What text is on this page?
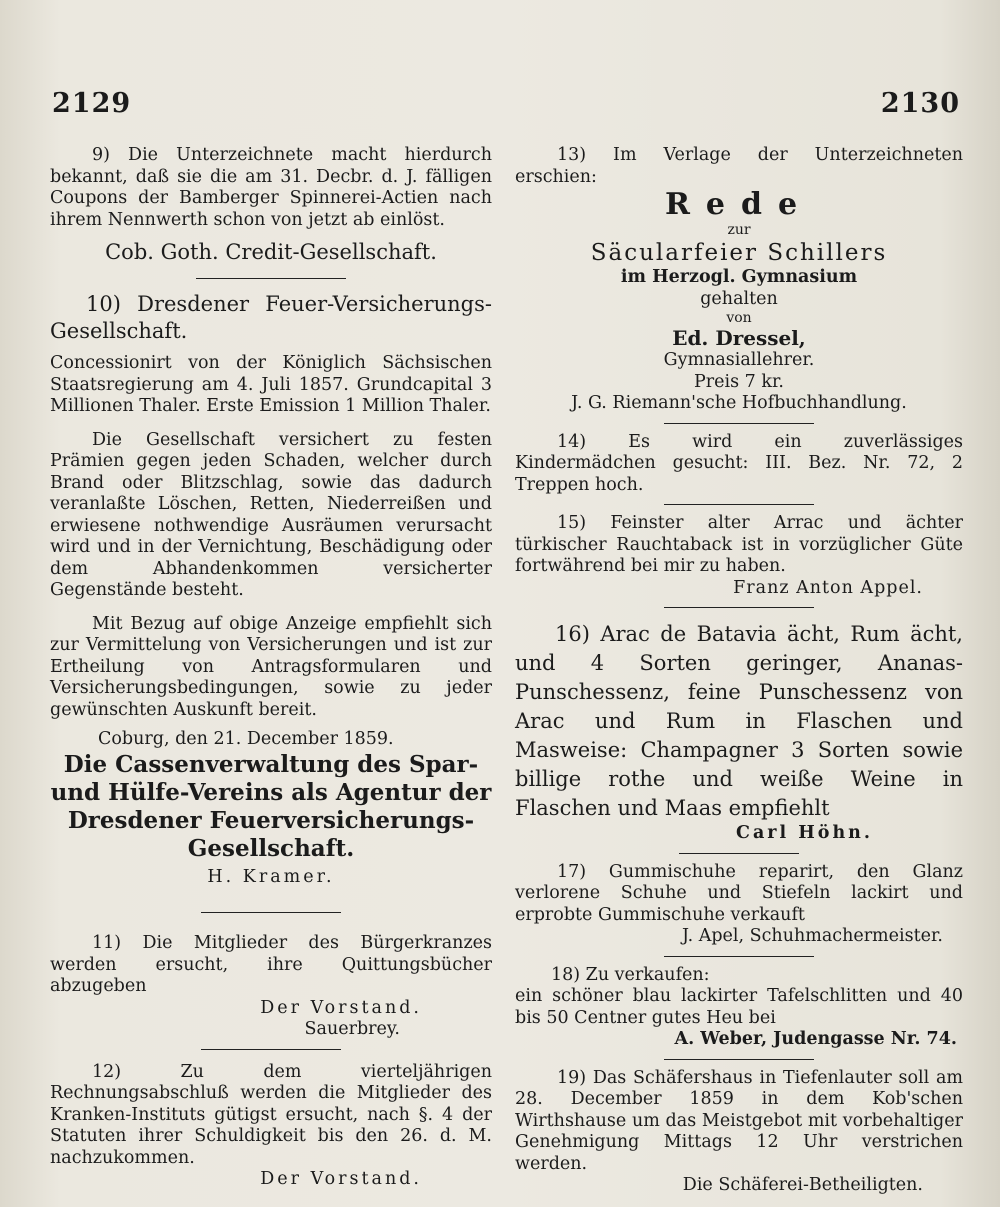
2129	2130

9) Die Unterzeichnete macht hierdurch bekannt, daß sie die am 31. Decbr. d. J. fälligen Coupons der Bamberger Spinnerei-Actien nach ihrem Nennwerth schon von jetzt ab einlöst.

Cob. Goth. Credit-Gesellschaft.

10) Dresdener Feuer-Versicherungs-Gesellschaft.

Concessionirt von der Königlich Sächsischen Staatsregierung am 4. Juli 1857. Grundcapital 3 Millionen Thaler. Erste Emission 1 Million Thaler.

Die Gesellschaft versichert zu festen Prämien gegen jeden Schaden, welcher durch Brand oder Blitzschlag, sowie das dadurch veranlaßte Löschen, Retten, Niederreißen und erwiesene nothwendige Ausräumen verursacht wird und in der Vernichtung, Beschädigung oder dem Abhandenkommen versicherter Gegenstände besteht.

Mit Bezug auf obige Anzeige empfiehlt sich zur Vermittelung von Versicherungen und ist zur Ertheilung von Antragsformularen und Versicherungsbedingungen, sowie zu jeder gewünschten Auskunft bereit.

Coburg, den 21. December 1859.

Die Cassenverwaltung des Spar- und Hülfe-Vereins als Agentur der Dresdener Feuerversicherungs-Gesellschaft.

H. Kramer.

11) Die Mitglieder des Bürgerkranzes werden ersucht, ihre Quittungsbücher abzugeben

Der Vorstand.

Sauerbrey.

12) Zu dem vierteljährigen Rechnungsabschluß werden die Mitglieder des Kranken-Instituts gütigst ersucht, nach §. 4 der Statuten ihrer Schuldigkeit bis den 26. d. M. nachzukommen.

Der Vorstand.

13) Im Verlage der Unterzeichneten erschien:

Rede

zur

Säcularfeier Schillers

im Herzogl. Gymnasium

gehalten

von

Ed. Dressel,

Gymnasiallehrer.

Preis 7 kr.

J. G. Riemann'sche Hofbuchhandlung.

14) Es wird ein zuverlässiges Kindermädchen gesucht: III. Bez. Nr. 72, 2 Treppen hoch.

15) Feinster alter Arrac und ächter türkischer Rauchtaback ist in vorzüglicher Güte fortwährend bei mir zu haben.

Franz Anton Appel.

16) Arac de Batavia ächt, Rum ächt, und 4 Sorten geringer, Ananas-Punschessenz, feine Punschessenz von Arac und Rum in Flaschen und Masweise: Champagner 3 Sorten sowie billige rothe und weiße Weine in Flaschen und Maas empfiehlt

Carl Höhn.

17) Gummischuhe reparirt, den Glanz verlorene Schuhe und Stiefeln lackirt und erprobte Gummischuhe verkauft

J. Apel, Schuhmachermeister.

18) Zu verkaufen:

ein schöner blau lackirter Tafelschlitten und 40 bis 50 Centner gutes Heu bei

A. Weber, Judengasse Nr. 74.

19) Das Schäfershaus in Tiefenlauter soll am 28. December 1859 in dem Kob'schen Wirthshause um das Meistgebot mit vorbehaltiger Genehmigung Mittags 12 Uhr verstrichen werden.

Die Schäferei-Betheiligten.
